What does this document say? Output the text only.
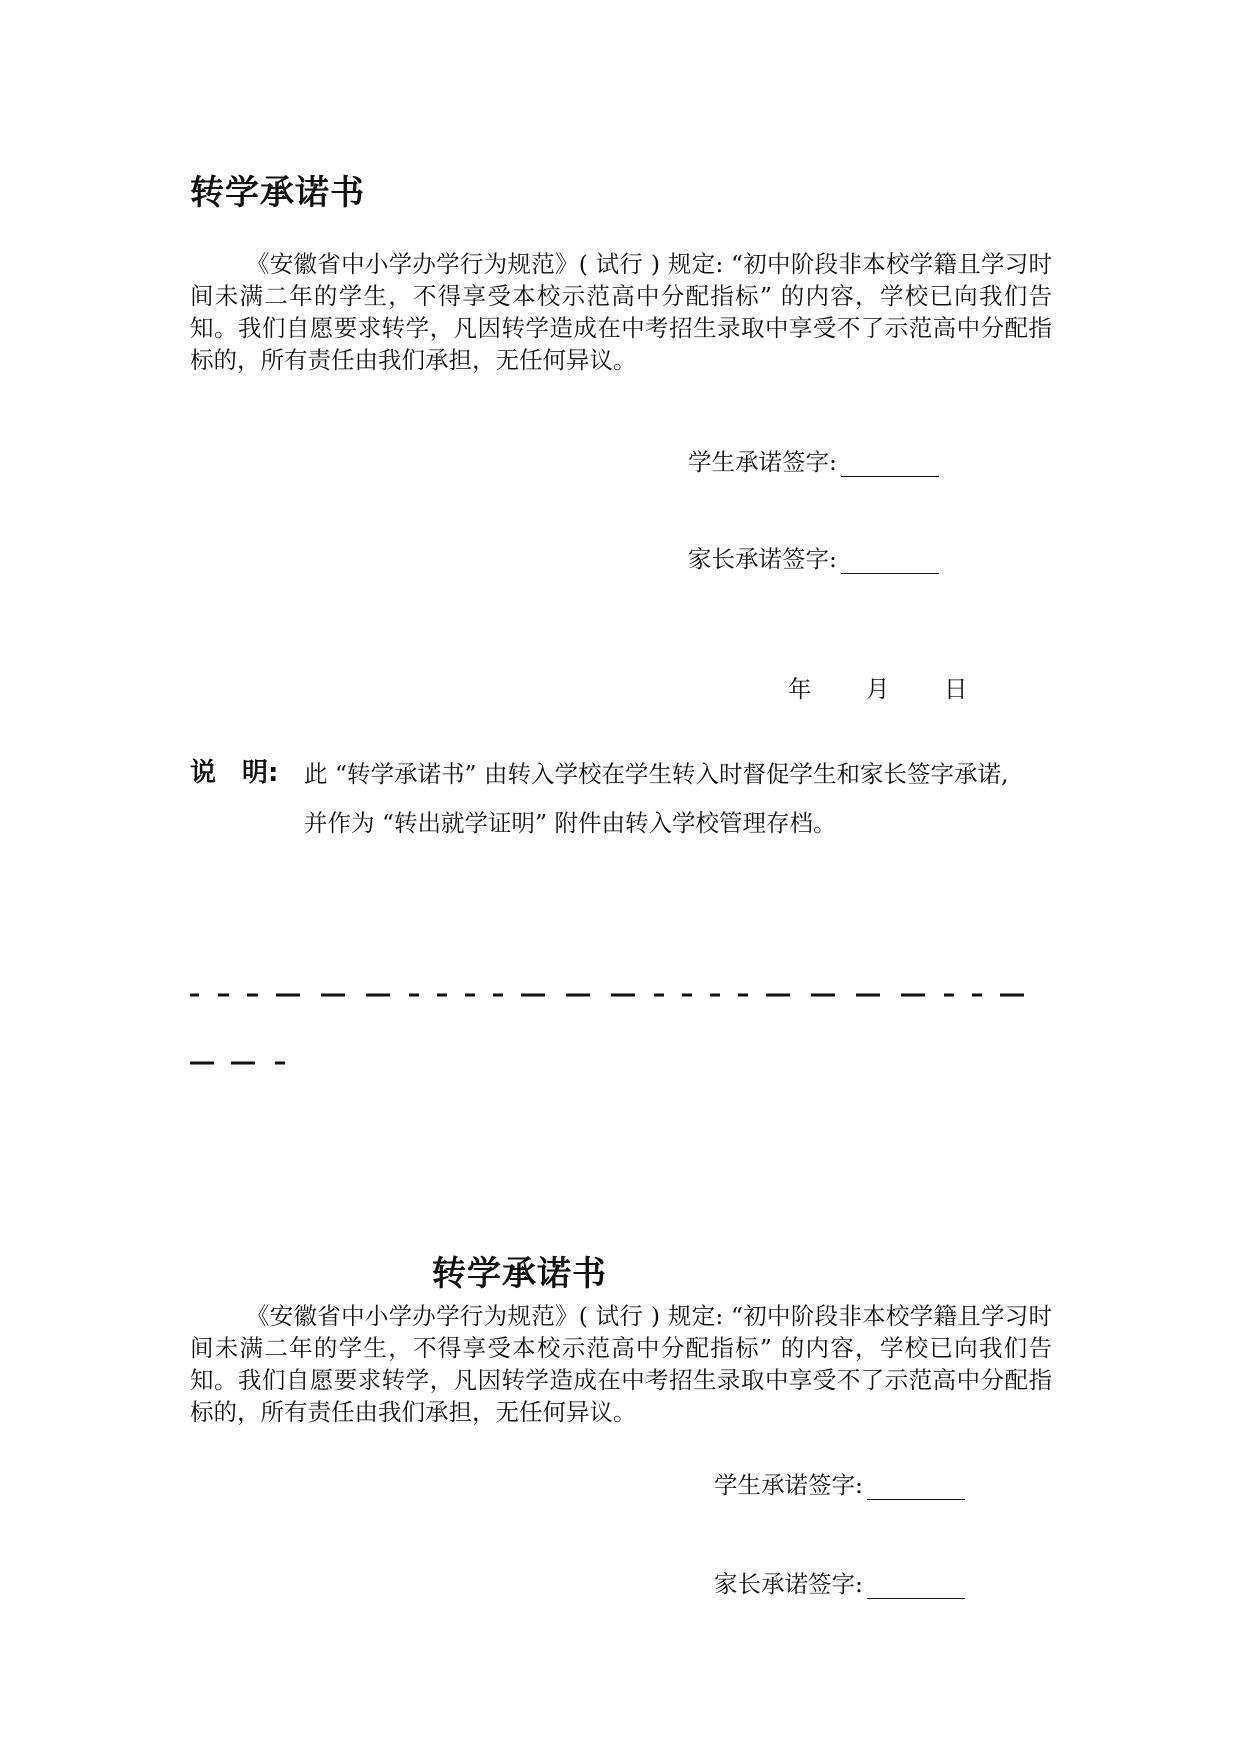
转学承诺书
《安徽省中小学办学行为规范》( 试行 ) 规定: “初中阶段非本校学籍且学习时间未满二年的学生，不得享受本校示范高中分配指标” 的内容，学校已向我们告知。我们自愿要求转学，凡因转学造成在中考招生录取中享受不了示范高中分配指标的，所有责任由我们承担，无任何异议。
学生承诺签字:
家长承诺签字:
年 月 日
说　明: 此 “转学承诺书” 由转入学校在学生转入时督促学生和家长签字承诺,
并作为 “转出就学证明” 附件由转入学校管理存档。
转学承诺书
《安徽省中小学办学行为规范》( 试行 ) 规定: “初中阶段非本校学籍且学习时间未满二年的学生，不得享受本校示范高中分配指标” 的内容，学校已向我们告知。我们自愿要求转学，凡因转学造成在中考招生录取中享受不了示范高中分配指标的，所有责任由我们承担，无任何异议。
学生承诺签字:
家长承诺签字:
